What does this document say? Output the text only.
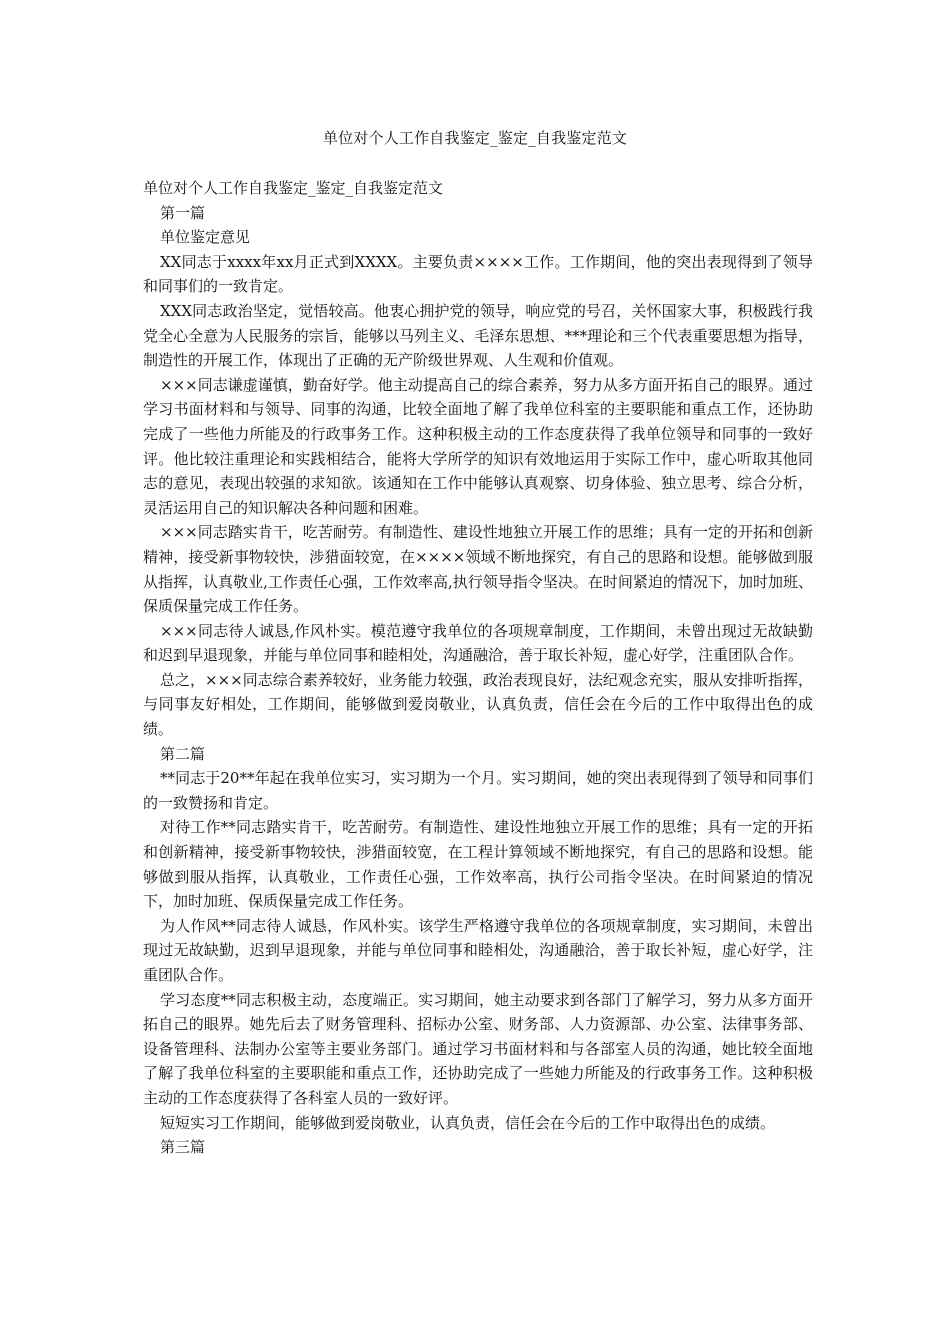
单位对个人工作自我鉴定_鉴定_自我鉴定范文

单位对个人工作自我鉴定_鉴定_自我鉴定范文

第一篇

单位鉴定意见

XX同志于xxxx年xx月正式到XXXX。主要负责××××工作。工作期间，他的突出表现得到了领导和同事们的一致肯定。

XXX同志政治坚定，觉悟较高。他衷心拥护党的领导，响应党的号召，关怀国家大事，积极践行我党全心全意为人民服务的宗旨，能够以马列主义、毛泽东思想、***理论和三个代表重要思想为指导，制造性的开展工作，体现出了正确的无产阶级世界观、人生观和价值观。

×××同志谦虚谨慎，勤奋好学。他主动提高自己的综合素养，努力从多方面开拓自己的眼界。通过学习书面材料和与领导、同事的沟通，比较全面地了解了我单位科室的主要职能和重点工作，还协助完成了一些他力所能及的行政事务工作。这种积极主动的工作态度获得了我单位领导和同事的一致好评。他比较注重理论和实践相结合，能将大学所学的知识有效地运用于实际工作中，虚心听取其他同志的意见，表现出较强的求知欲。该通知在工作中能够认真观察、切身体验、独立思考、综合分析，灵活运用自己的知识解决各种问题和困难。

×××同志踏实肯干，吃苦耐劳。有制造性、建设性地独立开展工作的思维；具有一定的开拓和创新精神，接受新事物较快，涉猎面较宽，在××××领域不断地探究，有自己的思路和设想。能够做到服从指挥，认真敬业,工作责任心强，工作效率高,执行领导指令坚决。在时间紧迫的情况下，加时加班、保质保量完成工作任务。

×××同志待人诚恳,作风朴实。模范遵守我单位的各项规章制度，工作期间，未曾出现过无故缺勤和迟到早退现象，并能与单位同事和睦相处，沟通融洽，善于取长补短，虚心好学，注重团队合作。

总之，×××同志综合素养较好，业务能力较强，政治表现良好，法纪观念充实，服从安排听指挥，与同事友好相处，工作期间，能够做到爱岗敬业，认真负责，信任会在今后的工作中取得出色的成绩。

第二篇

**同志于20**年起在我单位实习，实习期为一个月。实习期间，她的突出表现得到了领导和同事们的一致赞扬和肯定。

对待工作**同志踏实肯干，吃苦耐劳。有制造性、建设性地独立开展工作的思维；具有一定的开拓和创新精神，接受新事物较快，涉猎面较宽，在工程计算领域不断地探究，有自己的思路和设想。能够做到服从指挥，认真敬业，工作责任心强，工作效率高，执行公司指令坚决。在时间紧迫的情况下，加时加班、保质保量完成工作任务。

为人作风**同志待人诚恳，作风朴实。该学生严格遵守我单位的各项规章制度，实习期间，未曾出现过无故缺勤，迟到早退现象，并能与单位同事和睦相处，沟通融洽，善于取长补短，虚心好学，注重团队合作。

学习态度**同志积极主动，态度端正。实习期间，她主动要求到各部门了解学习，努力从多方面开拓自己的眼界。她先后去了财务管理科、招标办公室、财务部、人力资源部、办公室、法律事务部、设备管理科、法制办公室等主要业务部门。通过学习书面材料和与各部室人员的沟通，她比较全面地了解了我单位科室的主要职能和重点工作，还协助完成了一些她力所能及的行政事务工作。这种积极主动的工作态度获得了各科室人员的一致好评。

短短实习工作期间，能够做到爱岗敬业，认真负责，信任会在今后的工作中取得出色的成绩。

第三篇
